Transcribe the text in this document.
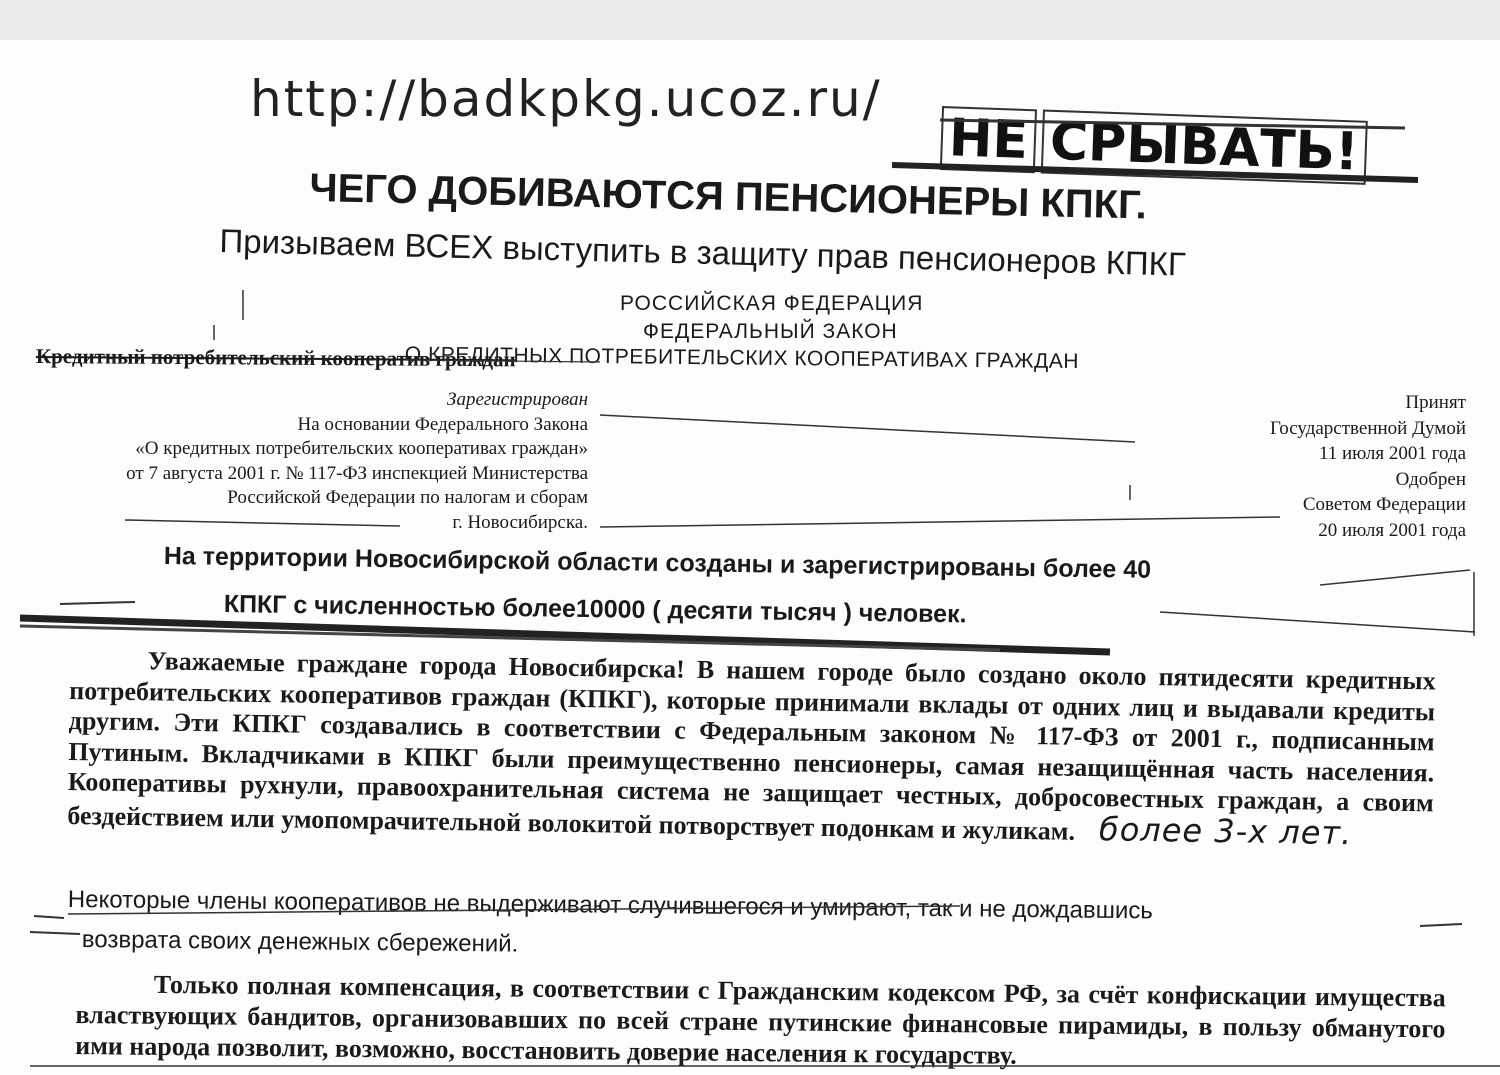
http://badkpkg.ucoz.ru/
НЕ СРЫВАТЬ!
ЧЕГО ДОБИВАЮТСЯ ПЕНСИОНЕРЫ КПКГ.
Призываем ВСЕХ выступить в защиту прав пенсионеров КПКГ
РОССИЙСКАЯ ФЕДЕРАЦИЯ
ФЕДЕРАЛЬНЫЙ ЗАКОН
О КРЕДИТНЫХ ПОТРЕБИТЕЛЬСКИХ КООПЕРАТИВАХ ГРАЖДАН
Кредитный потребительский кооператив граждан
Зарегистрирован
На основании Федерального Закона
«О кредитных потребительских кооперативах граждан»
от 7 августа 2001 г. № 117-ФЗ инспекцией Министерства
Российской Федерации по налогам и сборам
г. Новосибирска.
Принят
Государственной Думой
11 июля 2001 года
Одобрен
Советом Федерации
20 июля 2001 года
На территории Новосибирской области созданы и зарегистрированы более 40
КПКГ с численностью более10000 ( десяти тысяч ) человек.
Уважаемые граждане города Новосибирска! В нашем городе было создано около пятидесяти кредитных потребительских кооперативов граждан (КПКГ), которые принимали вклады от одних лиц и выдавали кредиты другим. Эти КПКГ создавались в соответствии с Федеральным законом № 117-ФЗ от 2001 г., подписанным Путиным. Вкладчиками в КПКГ были преимущественно пенсионеры, самая незащищённая часть населения. Кооперативы рухнули, правоохранительная система не защищает честных, добросовестных граждан, а своим бездействием или умопомрачительной волокитой потворствует подонкам и жуликам. более 3-х лет.
Некоторые члены кооперативов не выдерживают случившегося и умирают, так и не дождавшись
возврата своих денежных сбережений.
Только полная компенсация, в соответствии с Гражданским кодексом РФ, за счёт конфискации имущества властвующих бандитов, организовавших по всей стране путинские финансовые пирамиды, в пользу обманутого ими народа позволит, возможно, восстановить доверие населения к государству.
